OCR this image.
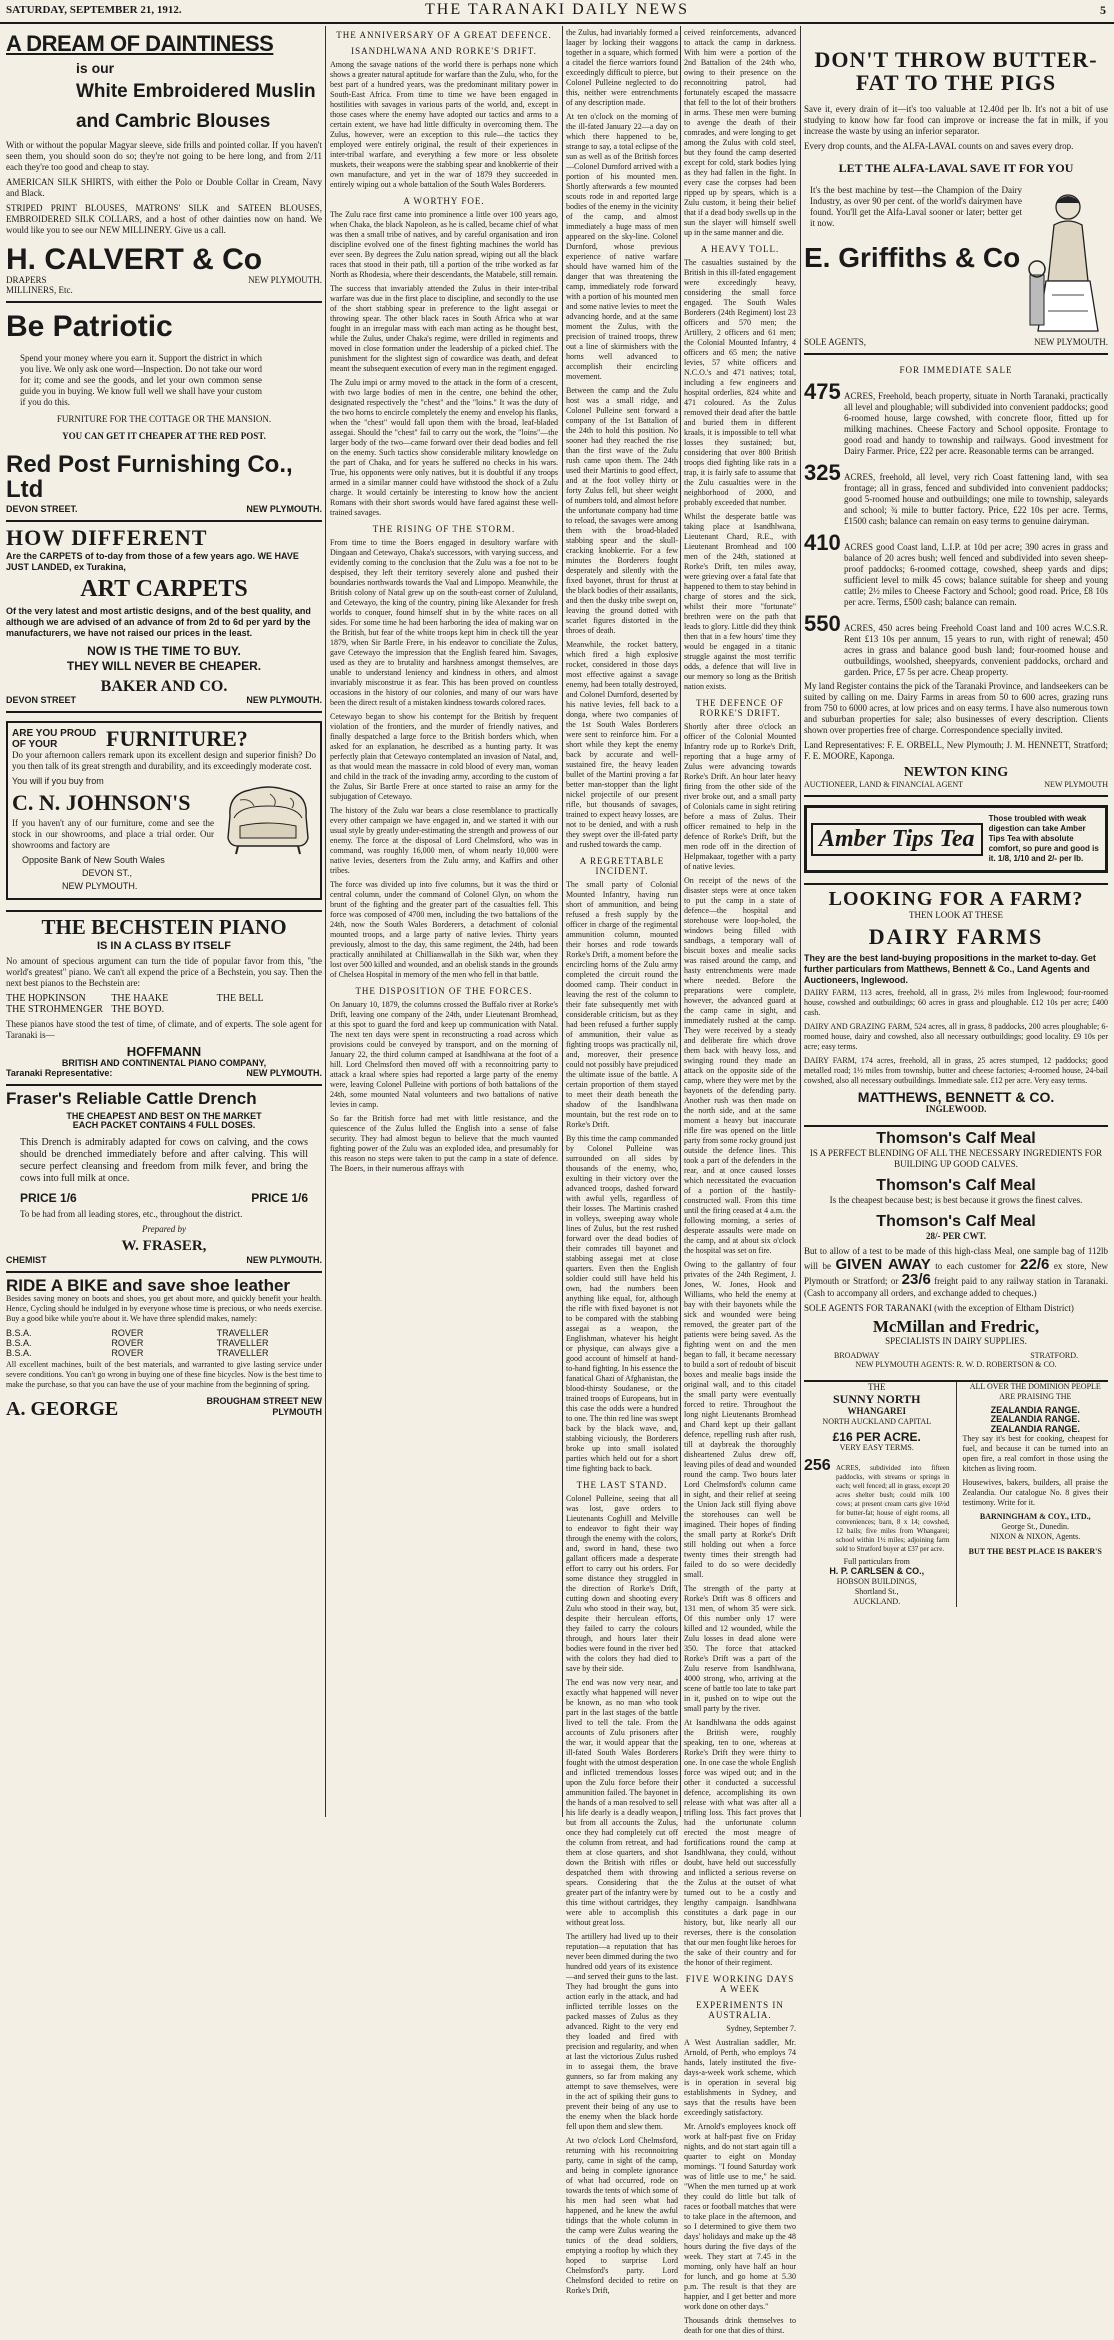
SATURDAY, SEPTEMBER 21, 1912.	THE TARANAKI DAILY NEWS	5

A DREAM OF DAINTINESS

is our

White Embroidered Muslin

and Cambric Blouses

With or without the popular Magyar sleeve, side frills and pointed collar. If you haven't seen them, you should soon do so; they're not going to be here long, and from 2/11 each they're too good and cheap to stay.

AMERICAN SILK SHIRTS, with either the Polo or Double Collar in Cream, Navy and Black.

STRIPED PRINT BLOUSES, MATRONS' SILK and SATEEN BLOUSES, EMBROIDERED SILK COLLARS, and a host of other dainties now on hand. We would like you to see our NEW MILLINERY. Give us a call.

H. CALVERT & Co

DRAPERS MILLINERS, Etc.
NEW PLYMOUTH.

Be Patriotic

Spend your money where you earn it. Support the district in which you live. We only ask one word—Inspection. Do not take our word for it; come and see the goods, and let your own common sense guide you in buying. We know full well we shall have your custom if you do this.

FURNITURE FOR THE COTTAGE OR THE MANSION.

YOU CAN GET IT CHEAPER AT THE RED POST.

Red Post Furnishing Co., Ltd

DEVON STREET.	NEW PLYMOUTH.

HOW DIFFERENT

Are the CARPETS of to-day from those of a few years ago. WE HAVE JUST LANDED, ex Turakina,

ART CARPETS

Of the very latest and most artistic designs, and of the best quality, and although we are advised of an advance of from 2d to 6d per yard by the manufacturers, we have not raised our prices in the least.

NOW IS THE TIME TO BUY.

THEY WILL NEVER BE CHEAPER.

BAKER AND CO.

DEVON STREET	NEW PLYMOUTH.
ARE YOU PROUD OF YOUR	FURNITURE?

Do your afternoon callers remark upon its excellent design and superior finish? Do you then talk of its great strength and durability, and its exceedingly moderate cost.

You will if you buy from

C. N. JOHNSON'S

If you haven't any of our furniture, come and see the stock in our showrooms, and place a trial order. Our showrooms and factory are

Opposite Bank of New South Wales

DEVON ST.,

NEW PLYMOUTH.

THE BECHSTEIN PIANO

IS IN A CLASS BY ITSELF

No amount of specious argument can turn the tide of popular favor from this, "the world's greatest" piano. We can't all expend the price of a Bechstein, you say. Then the next best pianos to the Bechstein are:

THE HOPKINSON	THE HAAKE	THE BELL
THE STROHMENGER THE BOYD.

These pianos have stood the test of time, of climate, and of experts. The sole agent for Taranaki is—

HOFFMANN

BRITISH AND CONTINENTAL PIANO COMPANY,

Taranaki Representative:	NEW PLYMOUTH.

Fraser's Reliable Cattle Drench

THE CHEAPEST AND BEST ON THE MARKET

EACH PACKET CONTAINS 4 FULL DOSES.

This Drench is admirably adapted for cows on calving, and the cows should be drenched immediately before and after calving. This will secure perfect cleansing and freedom from milk fever, and bring the cows into full milk at once.

PRICE 1/6	PRICE 1/6

To be had from all leading stores, etc., throughout the district.

Prepared by

W. FRASER,

CHEMIST	NEW PLYMOUTH.

RIDE A BIKE and save shoe leather

Besides saving money on boots and shoes, you get about more, and quickly benefit your health. Hence, Cycling should be indulged in by everyone whose time is precious, or who needs exercise. Buy a good bike while you're about it. We have three splendid makes, namely:

B.S.A.	ROVER	TRAVELLER
B.S.A.	ROVER	TRAVELLER
B.S.A.	ROVER	TRAVELLER

All excellent machines, built of the best materials, and warranted to give lasting service under severe conditions. You can't go wrong in buying one of these fine bicycles. Now is the best time to make the purchase, so that you can have the use of your machine from the beginning of spring.

A. GEORGE	BROUGHAM STREET NEW PLYMOUTH

THE ANNIVERSARY OF A GREAT DEFENCE.

ISANDHLWANA AND RORKE'S DRIFT.

Among the savage nations of the world there is perhaps none which shows a greater natural aptitude for warfare than the Zulu, who, for the best part of a hundred years, was the predominant military power in South-East Africa. From time to time we have been engaged in hostilities with savages in various parts of the world, and, except in those cases where the enemy have adopted our tactics and arms to a certain extent, we have had little difficulty in overcoming them. The Zulus, however, were an exception to this rule—the tactics they employed were entirely original, the result of their experiences in inter-tribal warfare, and everything a few more or less obsolete muskets, their weapons were the stabbing spear and knobkerrie of their own manufacture, and yet in the war of 1879 they succeeded in entirely wiping out a whole battalion of the South Wales Borderers.

A WORTHY FOE.

The Zulu race first came into prominence a little over 100 years ago, when Chaka, the black Napoleon, as he is called, became chief of what was then a small tribe of natives, and by careful organisation and iron discipline evolved one of the finest fighting machines the world has ever seen. By degrees the Zulu nation spread, wiping out all the black races that stood in their path, till a portion of the tribe worked as far North as Rhodesia, where their descendants, the Matabele, still remain.

The success that invariably attended the Zulus in their inter-tribal warfare was due in the first place to discipline, and secondly to the use of the short stabbing spear in preference to the light assegai or throwing spear. The other black races in South Africa who at war fought in an irregular mass with each man acting as he thought best, while the Zulus, under Chaka's regime, were drilled in regiments and moved in close formation under the leadership of a picked chief. The punishment for the slightest sign of cowardice was death, and defeat meant the subsequent execution of every man in the regiment engaged.

The Zulu impi or army moved to the attack in the form of a crescent, with two large bodies of men in the centre, one behind the other, designated respectively the "chest" and the "loins." It was the duty of the two horns to encircle completely the enemy and envelop his flanks, when the "chest" would fall upon them with the broad, leaf-bladed assegai. Should the "chest" fail to carry out the work, the "loins"—the larger body of the two—came forward over their dead bodies and fell on the enemy. Such tactics show considerable military knowledge on the part of Chaka, and for years he suffered no checks in his wars. True, his opponents were only natives, but it is doubtful if any troops armed in a similar manner could have withstood the shock of a Zulu charge. It would certainly be interesting to know how the ancient Romans with their short swords would have fared against these well-trained savages.

THE RISING OF THE STORM.

From time to time the Boers engaged in desultory warfare with Dingaan and Cetewayo, Chaka's successors, with varying success, and evidently coming to the conclusion that the Zulu was a foe not to be despised, they left their territory severely alone and pushed their boundaries northwards towards the Vaal and Limpopo. Meanwhile, the British colony of Natal grew up on the south-east corner of Zululand, and Cetewayo, the king of the country, pining like Alexander for fresh worlds to conquer, found himself shut in by the white races on all sides. For some time he had been harboring the idea of making war on the British, but fear of the white troops kept him in check till the year 1879, when Sir Bartle Frere, in his endeavor to conciliate the Zulus, gave Cetewayo the impression that the English feared him. Savages, used as they are to brutality and harshness amongst themselves, are unable to understand leniency and kindness in others, and almost invariably misconstrue it as fear. This has been proved on countless occasions in the history of our colonies, and many of our wars have been the direct result of a mistaken kindness towards colored races.

Cetewayo began to show his contempt for the British by frequent violation of the frontiers, and the murder of friendly natives, and finally despatched a large force to the British borders which, when asked for an explanation, he described as a hunting party. It was perfectly plain that Cetewayo contemplated an invasion of Natal, and, as that would mean the massacre in cold blood of every man, woman and child in the track of the invading army, according to the custom of the Zulus, Sir Bartle Frere at once started to raise an army for the subjugation of Cetewayo.

The history of the Zulu war bears a close resemblance to practically every other campaign we have engaged in, and we started it with our usual style by greatly under-estimating the strength and prowess of our enemy. The force at the disposal of Lord Chelmsford, who was in command, was roughly 16,000 men, of whom nearly 10,000 were native levies, deserters from the Zulu army, and Kaffirs and other tribes.

The force was divided up into five columns, but it was the third or central column, under the command of Colonel Glyn, on whom the brunt of the fighting and the greater part of the casualties fell. This force was composed of 4700 men, including the two battalions of the 24th, now the South Wales Borderers, a detachment of colonial mounted troops, and a large party of native levies. Thirty years previously, almost to the day, this same regiment, the 24th, had been practically annihilated at Chillianwallah in the Sikh war, when they lost over 500 killed and wounded, and an obelisk stands in the grounds of Chelsea Hospital in memory of the men who fell in that battle.

THE DISPOSITION OF THE FORCES.

On January 10, 1879, the columns crossed the Buffalo river at Rorke's Drift, leaving one company of the 24th, under Lieutenant Bromhead, at this spot to guard the ford and keep up communication with Natal. The next ten days were spent in reconstructing a road across which provisions could be conveyed by transport, and on the morning of January 22, the third column camped at Isandhlwana at the foot of a hill. Lord Chelmsford then moved off with a reconnoitring party to attack a kraal where spies had reported a large party of the enemy were, leaving Colonel Pulleine with portions of both battalions of the 24th, some mounted Natal volunteers and two battalions of native levies in camp.

So far the British force had met with little resistance, and the quiescence of the Zulus lulled the English into a sense of false security. They had almost begun to believe that the much vaunted fighting power of the Zulu was an exploded idea, and presumably for this reason no steps were taken to put the camp in a state of defence. The Boers, in their numerous affrays with

the Zulus, had invariably formed a laager by locking their waggons together in a square, which formed a citadel the fierce warriors found exceedingly difficult to pierce, but Colonel Pulleine neglected to do this, neither were entrenchments of any description made.

At ten o'clock on the morning of the ill-fated January 22—a day on which there happened to be, strange to say, a total eclipse of the sun as well as of the British forces—Colonel Durnford arrived with a portion of his mounted men. Shortly afterwards a few mounted scouts rode in and reported large bodies of the enemy in the vicinity of the camp, and almost immediately a huge mass of men appeared on the sky-line. Colonel Durnford, whose previous experience of native warfare should have warned him of the danger that was threatening the camp, immediately rode forward with a portion of his mounted men and some native levies to meet the advancing horde, and at the same moment the Zulus, with the precision of trained troops, threw out a line of skirmishers with the horns well advanced to accomplish their encircling movement.

Between the camp and the Zulu host was a small ridge, and Colonel Pulleine sent forward a company of the 1st Battalion of the 24th to hold this position. No sooner had they reached the rise than the first wave of the Zulu rush came upon them. The 24th used their Martinis to good effect, and at the foot volley thirty or forty Zulus fell, but sheer weight of numbers told, and almost before the unfortunate company had time to reload, the savages were among them with the broad-bladed stabbing spear and the skull-cracking knobkerrie. For a few minutes the Borderers fought desperately and silently with the fixed bayonet, thrust for thrust at the black bodies of their assailants, and then the dusky tribe swept on, leaving the ground dotted with scarlet figures distorted in the throes of death.

Meanwhile, the rocket battery, which fired a high explosive rocket, considered in those days most effective against a savage enemy, had been totally destroyed, and Colonel Durnford, deserted by his native levies, fell back to a donga, where two companies of the 1st South Wales Borderers were sent to reinforce him. For a short while they kept the enemy back by accurate and well-sustained fire, the heavy leaden bullet of the Martini proving a far better man-stopper than the light nickel projectile of our present rifle, but thousands of savages, trained to expect heavy losses, are not to be denied, and with a rush they swept over the ill-fated party and rushed towards the camp.

A REGRETTABLE INCIDENT.

The small party of Colonial Mounted Infantry, having run short of ammunition, and being refused a fresh supply by the officer in charge of the regimental ammunition column, mounted their horses and rode towards Rorke's Drift, a moment before the encircling horns of the Zulu army completed the circuit round the doomed camp. Their conduct in leaving the rest of the column to their fate subsequently met with considerable criticism, but as they had been refused a further supply of ammunition, their value as fighting troops was practically nil, and, moreover, their presence could not possibly have prejudiced the ultimate issue of the battle. A certain proportion of them stayed to meet their death beneath the shadow of the Isandhlwana mountain, but the rest rode on to Rorke's Drift.

By this time the camp commanded by Colonel Pulleine was surrounded on all sides by thousands of the enemy, who, exulting in their victory over the advanced troops, dashed forward with awful yells, regardless of their losses. The Martinis crashed in volleys, sweeping away whole lines of Zulus, but the rest rushed forward over the dead bodies of their comrades till bayonet and stabbing assegai met at close quarters. Even then the English soldier could still have held his own, had the numbers been anything like equal, for, although the rifle with fixed bayonet is not to be compared with the stabbing assegai as a weapon, the Englishman, whatever his height or physique, can always give a good account of himself at hand-to-hand fighting. In his essence the fanatical Ghazi of Afghanistan, the blood-thirsty Soudanese, or the trained troops of Europeans, but in this case the odds were a hundred to one. The thin red line was swept back by the black wave, and, stabbing viciously, the Borderers broke up into small isolated parties which held out for a short time fighting back to back.

THE LAST STAND.

Colonel Pulleine, seeing that all was lost, gave orders to Lieutenants Coghill and Melville to endeavor to fight their way through the enemy with the colors, and, sword in hand, these two gallant officers made a desperate effort to carry out his orders. For some distance they struggled in the direction of Rorke's Drift, cutting down and shooting every Zulu who stood in their way, but, despite their herculean efforts, they failed to carry the colours through, and hours later their bodies were found in the river bed with the colors they had died to save by their side.

The end was now very near, and exactly what happened will never be known, as no man who took part in the last stages of the battle lived to tell the tale. From the accounts of Zulu prisoners after the war, it would appear that the ill-fated South Wales Borderers fought with the utmost desperation and inflicted tremendous losses upon the Zulu force before their ammunition failed. The bayonet in the hands of a man resolved to sell his life dearly is a deadly weapon, but from all accounts the Zulus, once they had completely cut off the column from retreat, and had them at close quarters, and shot down the British with rifles or despatched them with throwing spears. Considering that the greater part of the infantry were by this time without cartridges, they were able to accomplish this without great loss.

The artillery had lived up to their reputation—a reputation that has never been dimmed during the two hundred odd years of its existence—and served their guns to the last. They had brought the guns into action early in the attack, and had inflicted terrible losses on the packed masses of Zulus as they advanced. Right to the very end they loaded and fired with precision and regularity, and when at last the victorious Zulus rushed in to assegai them, the brave gunners, so far from making any attempt to save themselves, were in the act of spiking their guns to prevent their being of any use to the enemy when the black horde fell upon them and slew them.

At two o'clock Lord Chelmsford, returning with his reconnoitring party, came in sight of the camp, and being in complete ignorance of what had occurred, rode on towards the tents of which some of his men had seen what had happened, and he knew the awful tidings that the whole column in the camp were Zulus wearing the tunics of the dead soldiers, emptying a rooftop by which they hoped to surprise Lord Chelmsford's party. Lord Chelmsford decided to retire on Rorke's Drift,

DON'T THROW BUTTER-FAT TO THE PIGS

Save it, every drain of it—it's too valuable at 12.40d per lb. It's not a bit of use studying to know how far food can improve or increase the fat in milk, if you increase the waste by using an inferior separator.

Every drop counts, and the ALFA-LAVAL counts on and saves every drop.

LET THE ALFA-LAVAL SAVE IT FOR YOU

It's the best machine by test—the Champion of the Dairy Industry, as over 90 per cent. of the world's dairymen have found. You'll get the Alfa-Laval sooner or later; better get it now.

E. Griffiths & Co

SOLE AGENTS,	NEW PLYMOUTH.

FOR IMMEDIATE SALE

475 ACRES, Freehold, beach property, situate in North Taranaki, practically all level and ploughable; will subdivided into convenient paddocks; good 6-roomed house, large cowshed, with concrete floor, fitted up for milking machines. Cheese Factory and School opposite. Frontage to good road and handy to township and railways. Good investment for Dairy Farmer. Price, £22 per acre. Reasonable terms can be arranged.
325 ACRES, freehold, all level, very rich Coast fattening land, with sea frontage; all in grass, fenced and subdivided into convenient paddocks; good 5-roomed house and outbuildings; one mile to township, saleyards and school; ¾ mile to butter factory. Price, £22 10s per acre. Terms, £1500 cash; balance can remain on easy terms to genuine dairyman.
410 ACRES good Coast land, L.I.P. at 10d per acre; 390 acres in grass and balance of 20 acres bush; well fenced and subdivided into seven sheep-proof paddocks; 6-roomed cottage, cowshed, sheep yards and dips; sufficient level to milk 45 cows; balance suitable for sheep and young cattle; 2½ miles to Cheese Factory and School; good road. Price, £8 10s per acre. Terms, £500 cash; balance can remain.
550 ACRES, 450 acres being Freehold Coast land and 100 acres W.C.S.R. Rent £13 10s per annum, 15 years to run, with right of renewal; 450 acres in grass and balance good bush land; four-roomed house and outbuildings, woolshed, sheepyards, convenient paddocks, orchard and garden. Price, £7 5s per acre. Cheap property.

My land Register contains the pick of the Taranaki Province, and landseekers can be suited by calling on me. Dairy Farms in areas from 50 to 600 acres, grazing runs from 750 to 6000 acres, at low prices and on easy terms. I have also numerous town and suburban properties for sale; also businesses of every description. Clients shown over properties free of charge. Correspondence specially invited.

Land Representatives: F. E. ORBELL, New Plymouth; J. M. HENNETT, Stratford; F. E. MOORE, Kaponga.

NEWTON KING

AUCTIONEER, LAND & FINANCIAL AGENT	NEW PLYMOUTH
Amber Tips Tea
Those troubled with weak digestion can take Amber Tips Tea with absolute comfort, so pure and good is it. 1/8, 1/10 and 2/- per lb.

LOOKING FOR A FARM?

THEN LOOK AT THESE

DAIRY FARMS

They are the best land-buying propositions in the market to-day. Get further particulars from Matthews, Bennett & Co., Land Agents and Auctioneers, Inglewood.

DAIRY FARM, 113 acres, freehold, all in grass, 2½ miles from Inglewood; four-roomed house, cowshed and outbuildings; 60 acres in grass and ploughable. £12 10s per acre; £400 cash.

DAIRY AND GRAZING FARM, 524 acres, all in grass, 8 paddocks, 200 acres ploughable; 6-roomed house, dairy and cowshed, also all necessary outbuildings; good locality. £9 10s per acre; easy terms.

DAIRY FARM, 174 acres, freehold, all in grass, 25 acres stumped, 12 paddocks; good metalled road; 1½ miles from township, butter and cheese factories; 4-roomed house, 24-bail cowshed, also all necessary outbuildings. Immediate sale. £12 per acre. Very easy terms.

MATTHEWS, BENNETT & CO.

INGLEWOOD.

Thomson's Calf Meal

IS A PERFECT BLENDING OF ALL THE NECESSARY INGREDIENTS FOR BUILDING UP GOOD CALVES.

Thomson's Calf Meal

Is the cheapest because best; is best because it grows the finest calves.

Thomson's Calf Meal

28/- PER CWT.

But to allow of a test to be made of this high-class Meal, one sample bag of 112lb will be GIVEN AWAY to each customer for 22/6 ex store, New Plymouth or Stratford; or 23/6 freight paid to any railway station in Taranaki. (Cash to accompany all orders, and exchange added to cheques.)

SOLE AGENTS FOR TARANAKI (with the exception of Eltham District)

McMillan and Fredric,

SPECIALISTS IN DAIRY SUPPLIES.

BROADWAY	STRATFORD.

NEW PLYMOUTH AGENTS: R. W. D. ROBERTSON & CO.

THE

SUNNY NORTH

WHANGAREI

NORTH AUCKLAND CAPITAL

£16 PER ACRE.

VERY EASY TERMS.

256 ACRES, subdivided into fifteen paddocks, with streams or springs in each; well fenced; all in grass, except 20 acres shelter bush; could milk 100 cows; at present cream carts give 16½d for butter-fat; house of eight rooms, all conveniences; barn, 8 x 14; cowshed, 12 bails; five miles from Whangarei; school within 1½ miles; adjoining farm sold to Stratford buyer at £37 per acre.

Full particulars from

H. P. CARLSEN & CO.,

HOBSON BUILDINGS,

Shortland St.,

AUCKLAND.

ALL OVER THE DOMINION PEOPLE ARE PRAISING THE

ZEALANDIA RANGE.

ZEALANDIA RANGE.

ZEALANDIA RANGE.

They say it's best for cooking, cheapest for fuel, and because it can be turned into an open fire, a real comfort in those using the kitchen as living room.

Housewives, bakers, builders, all praise the Zealandia. Our catalogue No. 8 gives their testimony. Write for it.

BARNINGHAM & COY., LTD.,

George St., Dunedin.

NIXON & NIXON, Agents.

BUT THE BEST PLACE IS BAKER'S

ceived reinforcements, advanced to attack the camp in darkness. With him were a portion of the 2nd Battalion of the 24th who, owing to their presence on the reconnoitring patrol, had fortunately escaped the massacre that fell to the lot of their brothers in arms. These men were burning to avenge the death of their comrades, and were longing to get among the Zulus with cold steel, but they found the camp deserted except for cold, stark bodies lying as they had fallen in the fight. In every case the corpses had been ripped up by spears, which is a Zulu custom, it being their belief that if a dead body swells up in the sun the slayer will himself swell up in the same manner and die.

A HEAVY TOLL.

The casualties sustained by the British in this ill-fated engagement were exceedingly heavy, considering the small force engaged. The South Wales Borderers (24th Regiment) lost 23 officers and 570 men; the Artillery, 2 officers and 61 men; the Colonial Mounted Infantry, 4 officers and 65 men; the native levies, 57 white officers and N.C.O.'s and 471 natives; total, including a few engineers and hospital orderlies, 824 white and 471 coloured. As the Zulus removed their dead after the battle and buried them in different kraals, it is impossible to tell what losses they sustained; but, considering that over 800 British troops died fighting like rats in a trap, it is fairly safe to assume that the Zulu casualties were in the neighborhood of 2000, and probably exceeded that number.

Whilst the desperate battle was taking place at Isandhlwana, Lieutenant Chard, R.E., with Lieutenant Bromhead and 100 men of the 24th, stationed at Rorke's Drift, ten miles away, were grieving over a fatal fate that happened to them to stay behind in charge of stores and the sick, whilst their more "fortunate" brethren were on the path that leads to glory. Little did they think then that in a few hours' time they would be engaged in a titanic struggle against the most terrific odds, a defence that will live in our memory so long as the British nation exists.

THE DEFENCE OF RORKE'S DRIFT.

Shortly after three o'clock an officer of the Colonial Mounted Infantry rode up to Rorke's Drift, reporting that a huge army of Zulus were advancing towards Rorke's Drift. An hour later heavy firing from the other side of the river broke out, and a small party of Colonials came in sight retiring before a mass of Zulus. Their officer remained to help in the defence of Rorke's Drift, but the men rode off in the direction of Helpmakaar, together with a party of native levies.

On receipt of the news of the disaster steps were at once taken to put the camp in a state of defence—the hospital and storehouse were loop-holed, the windows being filled with sandbags, a temporary wall of biscuit boxes and mealie sacks was raised around the camp, and hasty entrenchments were made where needed. Before the preparations were complete, however, the advanced guard at the camp came in sight, and immediately rushed at the camp. They were received by a steady and deliberate fire which drove them back with heavy loss, and swinging round they made an attack on the opposite side of the camp, where they were met by the bayonets of the defending party. Another rush was then made on the north side, and at the same moment a heavy but inaccurate rifle fire was opened on the little party from some rocky ground just outside the defence lines. This took a part of the defenders in the rear, and at once caused losses which necessitated the evacuation of a portion of the hastily-constructed wall. From this time until the firing ceased at 4 a.m. the following morning, a series of desperate assaults were made on the camp, and at about six o'clock the hospital was set on fire.

Owing to the gallantry of four privates of the 24th Regiment, J. Jones, W. Jones, Hook and Williams, who held the enemy at bay with their bayonets while the sick and wounded were being removed, the greater part of the patients were being saved. As the fighting went on and the men began to fall, it became necessary to build a sort of redoubt of biscuit boxes and mealie bags inside the original wall, and to this citadel the small party were eventually forced to retire. Throughout the long night Lieutenants Bromhead and Chard kept up their gallant defence, repelling rush after rush, till at daybreak the thoroughly disheartened Zulus drew off, leaving piles of dead and wounded round the camp. Two hours later Lord Chelmsford's column came in sight, and their relief at seeing the Union Jack still flying above the storehouses can well be imagined. Their hopes of finding the small party at Rorke's Drift still holding out when a force twenty times their strength had failed to do so were decidedly small.

The strength of the party at Rorke's Drift was 8 officers and 131 men, of whom 35 were sick. Of this number only 17 were killed and 12 wounded, while the Zulu losses in dead alone were 350. The force that attacked Rorke's Drift was a part of the Zulu reserve from Isandhlwana, 4000 strong, who, arriving at the scene of battle too late to take part in it, pushed on to wipe out the small party by the river.

At Isandhlwana the odds against the British were, roughly speaking, ten to one, whereas at Rorke's Drift they were thirty to one. In one case the whole English force was wiped out; and in the other it conducted a successful defence, accomplishing its own release with what was after all a trifling loss. This fact proves that had the unfortunate column erected the most meagre of fortifications round the camp at Isandhlwana, they could, without doubt, have held out successfully and inflicted a serious reverse on the Zulus at the outset of what turned out to be a costly and lengthy campaign. Isandhlwana constitutes a dark page in our history, but, like nearly all our reverses, there is the consolation that our men fought like heroes for the sake of their country and for the honor of their regiment.

FIVE WORKING DAYS A WEEK

EXPERIMENTS IN AUSTRALIA.

Sydney, September 7.

A West Australian saddler, Mr. Arnold, of Perth, who employs 74 hands, lately instituted the five-days-a-week work scheme, which is in operation in several big establishments in Sydney, and says that the results have been exceedingly satisfactory.

Mr. Arnold's employees knock off work at half-past five on Friday nights, and do not start again till a quarter to eight on Monday mornings. "I found Saturday work was of little use to me," he said. "When the men turned up at work they could do little but talk of races or football matches that were to take place in the afternoon, and so I determined to give them two days' holidays and make up the 48 hours during the five days of the week. They start at 7.45 in the morning, only have half an hour for lunch, and go home at 5.30 p.m. The result is that they are happier, and I get better and more work done on other days."

Thousands drink themselves to death for one that dies of thirst.
